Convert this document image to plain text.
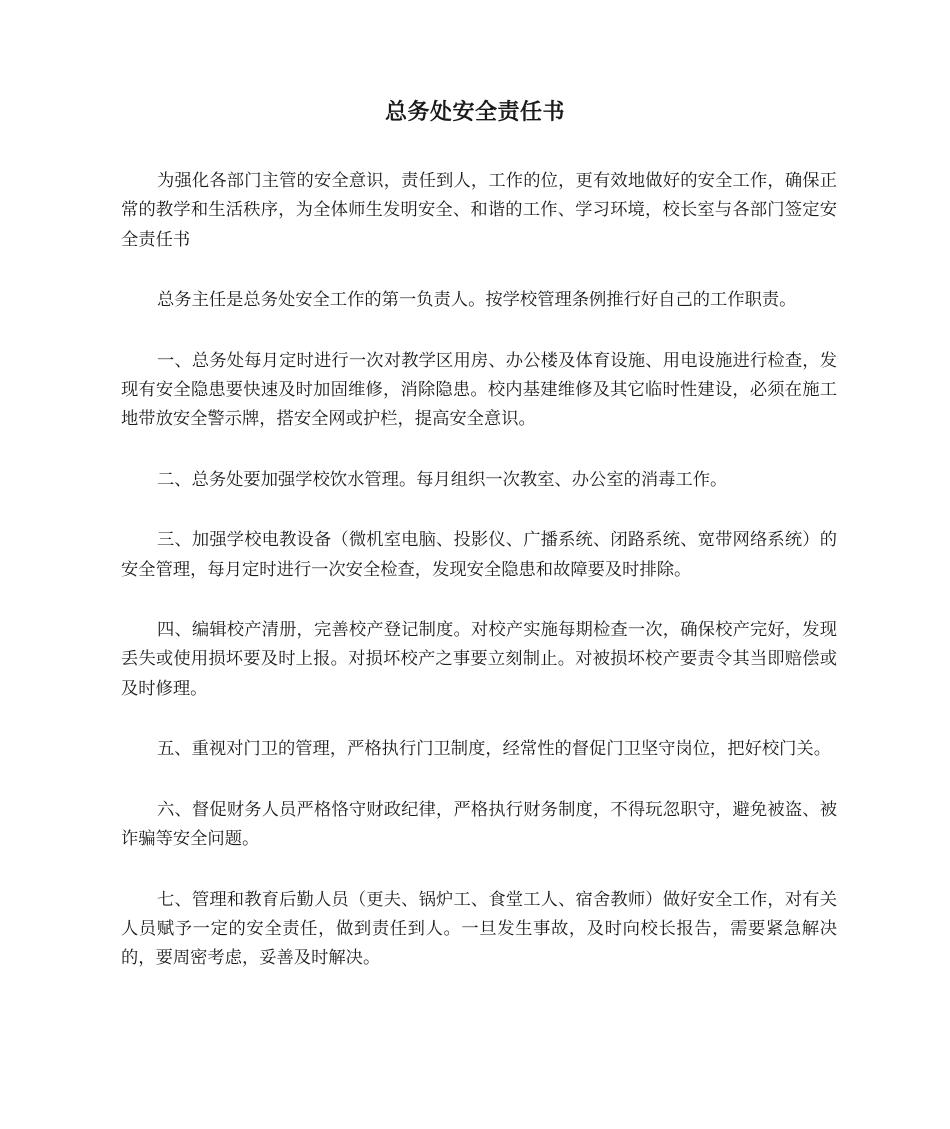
总务处安全责任书

为强化各部门主管的安全意识，责任到人，工作的位，更有效地做好的安全工作，确保正常的教学和生活秩序，为全体师生发明安全、和谐的工作、学习环境，校长室与各部门签定安全责任书

总务主任是总务处安全工作的第一负责人。按学校管理条例推行好自己的工作职责。

一、总务处每月定时进行一次对教学区用房、办公楼及体育设施、用电设施进行检查，发现有安全隐患要快速及时加固维修，消除隐患。校内基建维修及其它临时性建设，必须在施工地带放安全警示牌，搭安全网或护栏，提高安全意识。

二、总务处要加强学校饮水管理。每月组织一次教室、办公室的消毒工作。

三、加强学校电教设备（微机室电脑、投影仪、广播系统、闭路系统、宽带网络系统）的安全管理，每月定时进行一次安全检查，发现安全隐患和故障要及时排除。

四、编辑校产清册，完善校产登记制度。对校产实施每期检查一次，确保校产完好，发现丢失或使用损坏要及时上报。对损坏校产之事要立刻制止。对被损坏校产要责令其当即赔偿或及时修理。

五、重视对门卫的管理，严格执行门卫制度，经常性的督促门卫坚守岗位，把好校门关。

六、督促财务人员严格恪守财政纪律，严格执行财务制度，不得玩忽职守，避免被盗、被诈骗等安全问题。

七、管理和教育后勤人员（更夫、锅炉工、食堂工人、宿舍教师）做好安全工作，对有关人员赋予一定的安全责任，做到责任到人。一旦发生事故，及时向校长报告，需要紧急解决的，要周密考虑，妥善及时解决。
